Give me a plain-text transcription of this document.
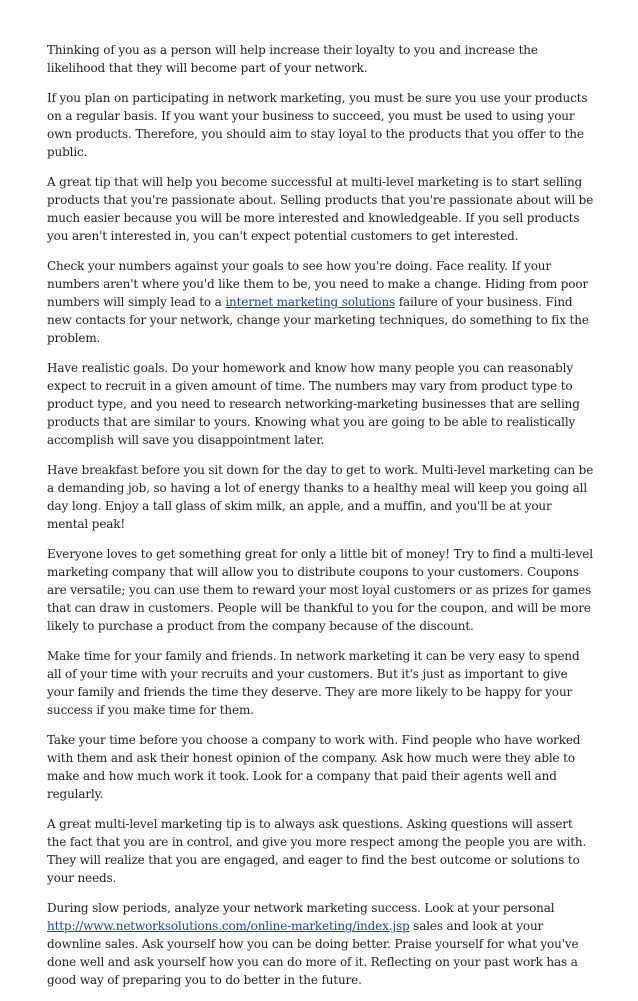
Thinking of you as a person will help increase their loyalty to you and increase the likelihood that they will become part of your network.

If you plan on participating in network marketing, you must be sure you use your products on a regular basis. If you want your business to succeed, you must be used to using your own products. Therefore, you should aim to stay loyal to the products that you offer to the public.

A great tip that will help you become successful at multi-level marketing is to start selling products that you're passionate about. Selling products that you're passionate about will be much easier because you will be more interested and knowledgeable. If you sell products you aren't interested in, you can't expect potential customers to get interested.

Check your numbers against your goals to see how you're doing. Face reality. If your numbers aren't where you'd like them to be, you need to make a change. Hiding from poor numbers will simply lead to a internet marketing solutions failure of your business. Find new contacts for your network, change your marketing techniques, do something to fix the problem.

Have realistic goals. Do your homework and know how many people you can reasonably expect to recruit in a given amount of time. The numbers may vary from product type to product type, and you need to research networking-marketing businesses that are selling products that are similar to yours. Knowing what you are going to be able to realistically accomplish will save you disappointment later.

Have breakfast before you sit down for the day to get to work. Multi-level marketing can be a demanding job, so having a lot of energy thanks to a healthy meal will keep you going all day long. Enjoy a tall glass of skim milk, an apple, and a muffin, and you'll be at your mental peak!

Everyone loves to get something great for only a little bit of money! Try to find a multi-level marketing company that will allow you to distribute coupons to your customers. Coupons are versatile; you can use them to reward your most loyal customers or as prizes for games that can draw in customers. People will be thankful to you for the coupon, and will be more likely to purchase a product from the company because of the discount.

Make time for your family and friends. In network marketing it can be very easy to spend all of your time with your recruits and your customers. But it's just as important to give your family and friends the time they deserve. They are more likely to be happy for your success if you make time for them.

Take your time before you choose a company to work with. Find people who have worked with them and ask their honest opinion of the company. Ask how much were they able to make and how much work it took. Look for a company that paid their agents well and regularly.

A great multi-level marketing tip is to always ask questions. Asking questions will assert the fact that you are in control, and give you more respect among the people you are with. They will realize that you are engaged, and eager to find the best outcome or solutions to your needs.

During slow periods, analyze your network marketing success. Look at your personal http://www.networksolutions.com/online-marketing/index.jsp sales and look at your downline sales. Ask yourself how you can be doing better. Praise yourself for what you've done well and ask yourself how you can do more of it. Reflecting on your past work has a good way of preparing you to do better in the future.
